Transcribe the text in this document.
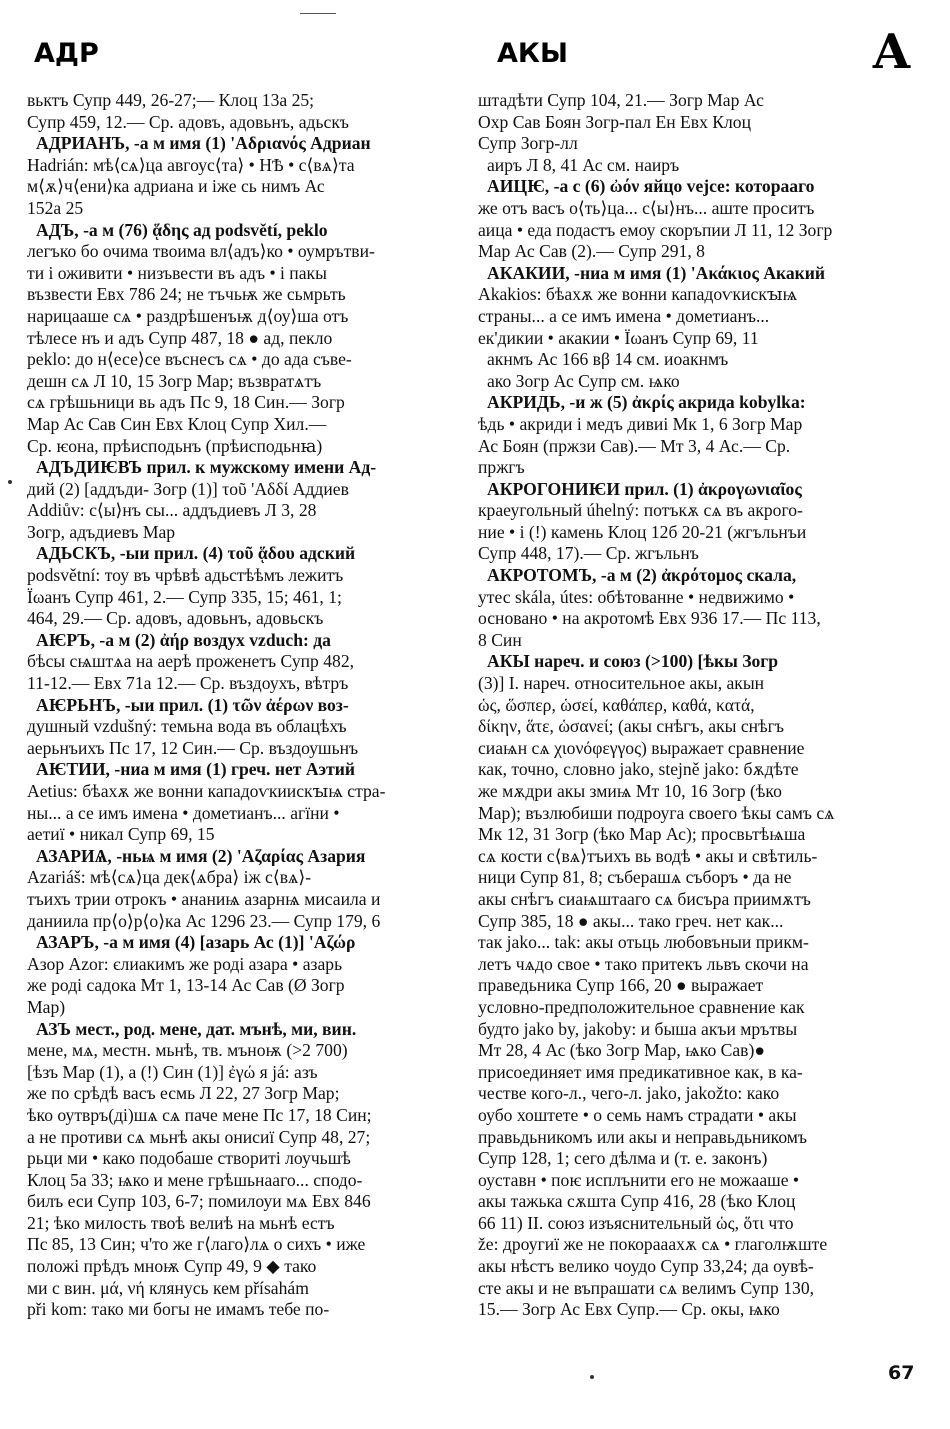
АДР	АКЫ	А
вьктъ Супр 449, 26-27;— Клоц 13а 25;
Супр 459, 12.— Ср. адовъ, адовьнъ, адьскъ
АДРИАНЪ, -а м имя (1) 'Αδριανός Адриан
Hadrián: мѣ⟨сѧ⟩ца авгоус⟨та⟩ • НѢ • с⟨вѧ⟩та
м⟨ѫ⟩ч⟨ени⟩ка адриана и іже сь нимъ Ас
152а 25
АДЪ, -а м (76) ᾅδης ад podsvětí, peklo
легъко бо очима твоима вл⟨адъ⟩ко • оумрътви-
ти і оживити • низъвести въ адъ • і пакы
възвести Евх 786 24; не тъчьѭ же сьмрьть
нарицааше сѧ • раздрѣшенъѭ д⟨оу⟩ша отъ
тѣлесе нъ и адъ Супр 487, 18 ● ад, пекло
peklo: до н⟨есе⟩се въснесъ сѧ • до ада съве-
дешн сѧ Л 10, 15 Зогр Мар; възвратѧтъ
сѧ грѣшьници вь адъ Пс 9, 18 Син.— Зогр
Мар Ас Сав Син Евх Клоц Супр Хил.—
Ср. ѥона, прѣисподьнъ (прѣисподьнꙗ)
АДЪДИѤВЪ прил. к мужскому имени Ад-
дий (2) [аддъди- Зогр (1)] τοῦ 'Αδδί Аддиев
Addiův: с⟨ы⟩нъ сы... аддъдиевъ Л 3, 28
Зогр, адъдиевъ Мар
АДЬСКЪ, -ыи прил. (4) τοῦ ᾅδου адский
podsvětní: тоу въ чрѣвѣ адьстѣѣмъ лежитъ
Їωанъ Супр 461, 2.— Супр 335, 15; 461, 1;
464, 29.— Ср. адовъ, адовьнъ, адовьскъ
АѤРЪ, -а м (2) ἀήρ воздух vzduch: да
бѣсы сѩштѧа на аерѣ проженетъ Супр 482,
11-12.— Евх 71а 12.— Ср. въздоухъ, вѣтръ
АѤРЬНЪ, -ыи прил. (1) τῶν ἀέρων воз-
душный vzdušný: темьна вода въ облацѣхъ
аерьнъихъ Пс 17, 12 Син.— Ср. въздоушьнъ
АѤТИИ, -ниа м имя (1) греч. нет Аэтий
Aetius: бѣахѫ же вонни кападоѵкиискꙑѩ стра-
ны... а се имъ имена • дометианъ... агїни •
аетиї • никал Супр 69, 15
АЗАРИѦ, -ньѩ м имя (2) 'Αζαρίας Азария
Azariáš: мѣ⟨сѧ⟩ца дек⟨ѧбра⟩ іж с⟨вѧ⟩-
тъихъ трии отрокъ • ананиѩ азарнѩ мисаила и
даниила пр⟨о⟩р⟨о⟩ка Ас 1296 23.— Супр 179, 6
АЗАРЪ, -а м имя (4) [азарь Ас (1)] 'Αζώρ
Азор Azor: єлиакимъ же роді азара • азарь
же роді садока Мт 1, 13-14 Ас Сав (Ø Зогр
Мар)
АЗЪ мест., род. мене, дат. мънѣ, ми, вин.
мене, мѧ, местн. мьнѣ, тв. мъноѭ (>2 700)
[ѣзъ Мар (1), а (!) Син (1)] ἐγώ я já: азъ
же по срѣдѣ васъ есмь Л 22, 27 Зогр Мар;
ѣко оутвръ(ді)шѧ сѧ паче мене Пс 17, 18 Син;
а не противи сѧ мьнѣ акы онисиї Супр 48, 27;
рьци ми • како подобаше створиті лоучьшѣ
Клоц 5а 33; ѩко и мене грѣшьнааго... сподо-
билъ еси Супр 103, 6-7; помилоуи мѧ Евх 846
21; ѣко милость твоѣ велиѣ на мьнѣ естъ
Пс 85, 13 Син; ч'то же г⟨лаго⟩лѧ о сихъ • иже
положі прѣдъ мноѭ Супр 49, 9 ◆ тако
ми с вин. μά, νή клянусь кем přísahám
při kom: тако ми богы не имамъ тебе по-
штадѣти Супр 104, 21.— Зогр Мар Ас
Охр Сав Боян Зогр-пал Ен Евх Клоц
Супр Зогр-лл
аиръ Л 8, 41 Ас см. наиръ
АИЦѤ, -а с (6) ὠόν яйцо vejce: которааго
же отъ васъ о⟨ть⟩ца... с⟨ы⟩нъ... аште проситъ
аица • еда подастъ емоу скоръпии Л 11, 12 Зогр
Мар Ас Сав (2).— Супр 291, 8
АКАКИИ, -ниа м имя (1) 'Ακάκιος Акакий
Akakios: бѣахѫ же вонни кападоѵкискꙑѩ
страны... а се имъ имена • дометианъ...
ек'дикии • акакии • Їωанъ Супр 69, 11
акнмъ Ас 166 вβ 14 см. иоакнмъ
ако Зогр Ас Супр см. ѩко
АКРИДЬ, -и ж (5) ἀκρίς акрида kobylka:
ѣдь • акриди і медъ дивиі Мк 1, 6 Зогр Мар
Ас Боян (пржзи Сав).— Мт 3, 4 Ас.— Ср.
пржгъ
АКРОГОНИѤИ прил. (1) ἀκρογωνιαῖος
краеугольный úhelný: потъкѫ сѧ въ акрого-
ние • і (!) камень Клоц 12б 20-21 (жгъльнъи
Супр 448, 17).— Ср. жгъльнъ
АКРОТОМЪ, -а м (2) ἀκρότομος скала,
утес skála, útes: обѣтованне • недвижимо •
основано • на акротомѣ Евх 936 17.— Пс 113,
8 Син
АКЫ нареч. и союз (>100) [ѣкы Зогр
(3)] I. нареч. относительное акы, акын
ὡς, ὥσπερ, ὡσεί, καθάπερ, καθά, κατά,
δίκην, ἅτε, ὡσανεί; (акы снѣгъ, акы снѣгъ
сиаѩн сѧ χιονόφεγγος) выражает сравнение
как, точно, словно jako, stejně jako: бѫдѣте
же мѫдри акы змиѩ Мт 10, 16 Зогр (ѣко
Мар); възлюбиши подроуга своего ѣкы самъ сѧ
Мк 12, 31 Зогр (ѣко Мар Ас); просвьтѣѩша
сѧ кости с⟨вѧ⟩тъихъ вь водѣ • акы и свѣтиль-
ници Супр 81, 8; съберашѧ съборъ • да не
акы снѣгъ сиаѩштааго сѧ бисъра приимѫтъ
Супр 385, 18 ● акы... тако греч. нет как...
так jako... tak: акы отьць любовъныи прикм-
летъ чѧдо свое • тако притекъ львъ скочи на
праведьника Супр 166, 20 ● выражает
условно-предположительное сравнение как
будто jako by, jakoby: и быша акъи мрътвы
Мт 28, 4 Ас (ѣко Зогр Мар, ѩко Сав)●
присоединяет имя предикативное как, в ка-
честве кого-л., чего-л. jako, jakožto: како
оубо хоштете • о семь намъ страдати • акы
правьдьникомъ или акы и неправьдьникомъ
Супр 128, 1; сего дѣлма и (т. е. законъ)
оуставн • поѥ исплънити его не можааше •
акы тажька сѫшта Супр 416, 28 (ѣко Клоц
66 11) II. союз изъяснительный ὡς, ὅτι что
že: дроугиї же не покорааахѫ сѧ • глаголѭште
акы нѣстъ велико чоудо Супр 33,24; да оувѣ-
сте акы и не въпрашати сѧ велимъ Супр 130,
15.— Зогр Ас Евх Супр.— Ср. окы, ѩко
67
